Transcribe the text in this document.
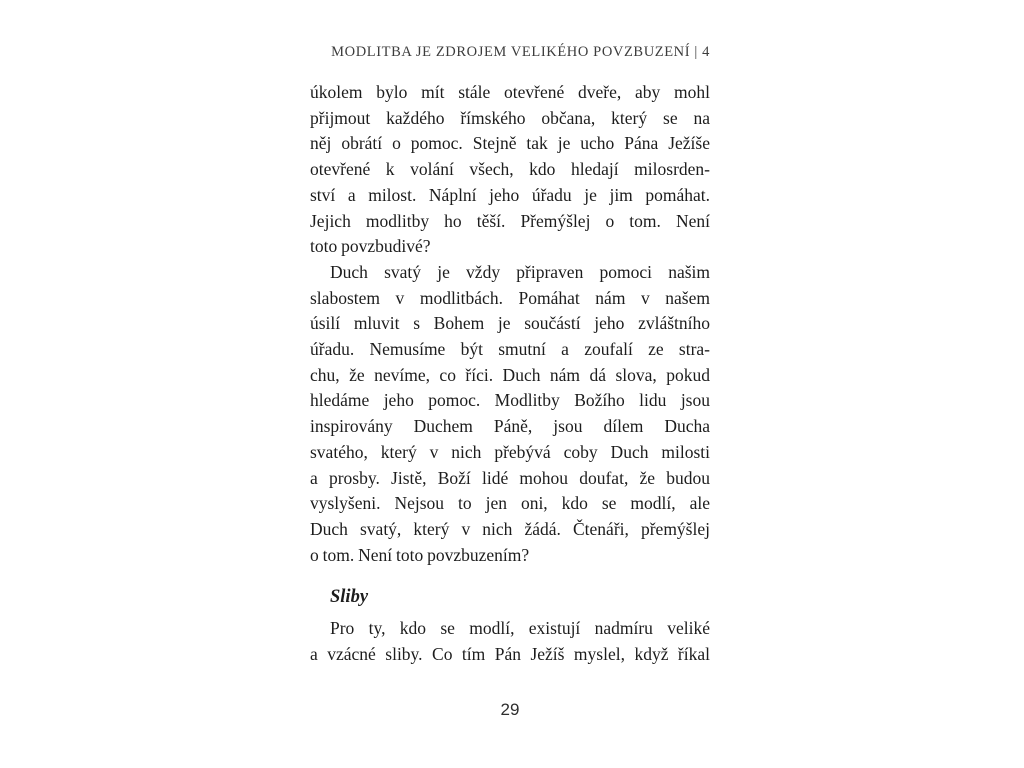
MODLITBA JE ZDROJEM VELIKÉHO POVZBUZENÍ | 4

úkolem bylo mít stále otevřené dveře, aby mohl
přijmout každého římského občana, který se na
něj obrátí o pomoc. Stejně tak je ucho Pána Ježíše
otevřené k volání všech, kdo hledají milosrden-
ství a milost. Náplní jeho úřadu je jim pomáhat.
Jejich modlitby ho těší. Přemýšlej o tom. Není
toto povzbudivé?

Duch svatý je vždy připraven pomoci našim
slabostem v modlitbách. Pomáhat nám v našem
úsilí mluvit s Bohem je součástí jeho zvláštního
úřadu. Nemusíme být smutní a zoufalí ze stra-
chu, že nevíme, co říci. Duch nám dá slova, pokud
hledáme jeho pomoc. Modlitby Božího lidu jsou
inspirovány Duchem Páně, jsou dílem Ducha
svatého, který v nich přebývá coby Duch milosti
a prosby. Jistě, Boží lidé mohou doufat, že budou
vyslyšeni. Nejsou to jen oni, kdo se modlí, ale
Duch svatý, který v nich žádá. Čtenáři, přemýšlej
o tom. Není toto povzbuzením?

Sliby

Pro ty, kdo se modlí, existují nadmíru veliké
a vzácné sliby. Co tím Pán Ježíš myslel, když říkal

29
